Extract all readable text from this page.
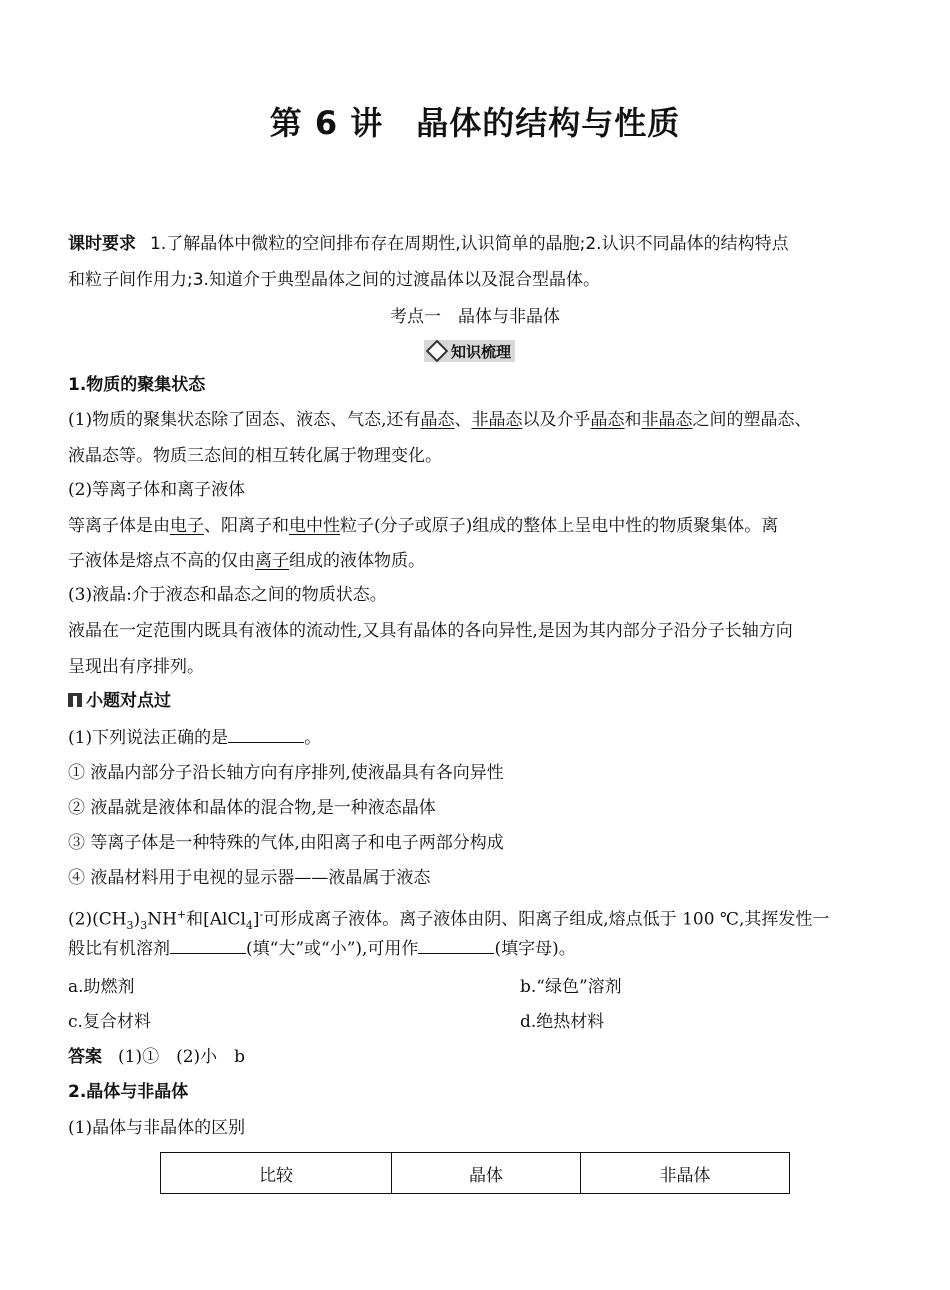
第 6 讲　晶体的结构与性质
课时要求 1.了解晶体中微粒的空间排布存在周期性,认识简单的晶胞;2.认识不同晶体的结构特点
和粒子间作用力;3.知道介于典型晶体之间的过渡晶体以及混合型晶体。
考点一　晶体与非晶体
知识梳理
1.物质的聚集状态
(1)物质的聚集状态除了固态、液态、气态,还有晶态、非晶态以及介乎晶态和非晶态之间的塑晶态、
液晶态等。物质三态间的相互转化属于物理变化。
(2)等离子体和离子液体
等离子体是由电子、阳离子和电中性粒子(分子或原子)组成的整体上呈电中性的物质聚集体。离
子液体是熔点不高的仅由离子组成的液体物质。
(3)液晶:介于液态和晶态之间的物质状态。
液晶在一定范围内既具有液体的流动性,又具有晶体的各向异性,是因为其内部分子沿分子长轴方向
呈现出有序排列。
小题对点过
(1)下列说法正确的是	。
① 液晶内部分子沿长轴方向有序排列,使液晶具有各向异性
② 液晶就是液体和晶体的混合物,是一种液态晶体
③ 等离子体是一种特殊的气体,由阳离子和电子两部分构成
④ 液晶材料用于电视的显示器——液晶属于液态
$(2)(CH_3)_3NH^+$和[AlCl$_4$]-可形成离子液体。离子液体由阴、阳离子组成,熔点低于 100 ℃,其挥发性一
般比有机溶剂	(填“大”或“小”),可用作	(填字母)。
a.助燃剂	b.“绿色”溶剂
c.复合材料	d.绝热材料
答案 (1)①　(2)小　b
2.晶体与非晶体
(1)晶体与非晶体的区别
比较	晶体	非晶体
